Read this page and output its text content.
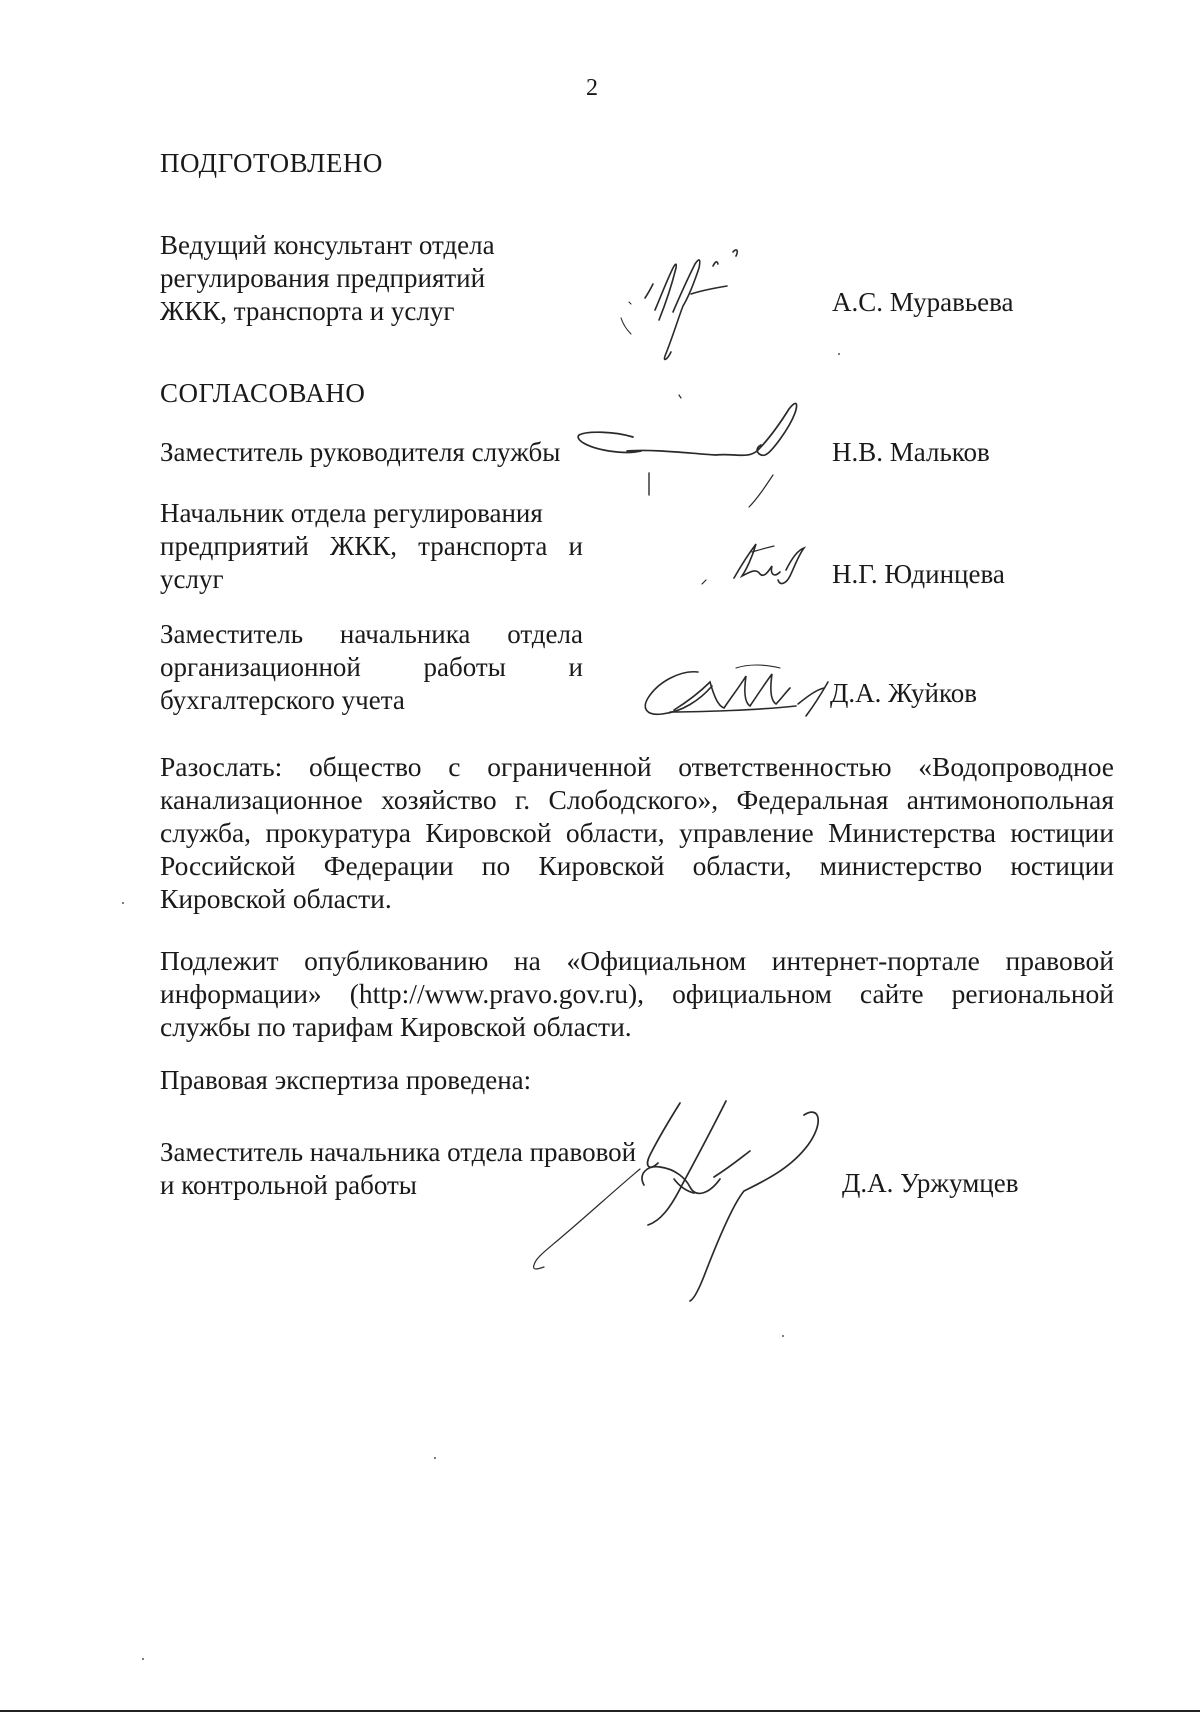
2
ПОДГОТОВЛЕНО
Ведущий консультант отдела
регулирования предприятий
ЖКК, транспорта и услуг	А.С. Муравьева
СОГЛАСОВАНО
Заместитель руководителя службы	Н.В. Мальков
Начальник отдела регулирования
предприятий ЖКК, транспорта и
услуг	Н.Г. Юдинцева
Заместитель начальника отдела
организационной работы и
бухгалтерского учета	Д.А. Жуйков
Разослать: общество с ограниченной ответственностью «Водопроводное
канализационное хозяйство г. Слободского», Федеральная антимонопольная
служба, прокуратура Кировской области, управление Министерства юстиции
Российской Федерации по Кировской области, министерство юстиции
Кировской области.
Подлежит опубликованию на «Официальном интернет-портале правовой
информации» (http://www.pravo.gov.ru), официальном сайте региональной
службы по тарифам Кировской области.
Правовая экспертиза проведена:
Заместитель начальника отдела правовой
и контрольной работы	Д.А. Уржумцев
